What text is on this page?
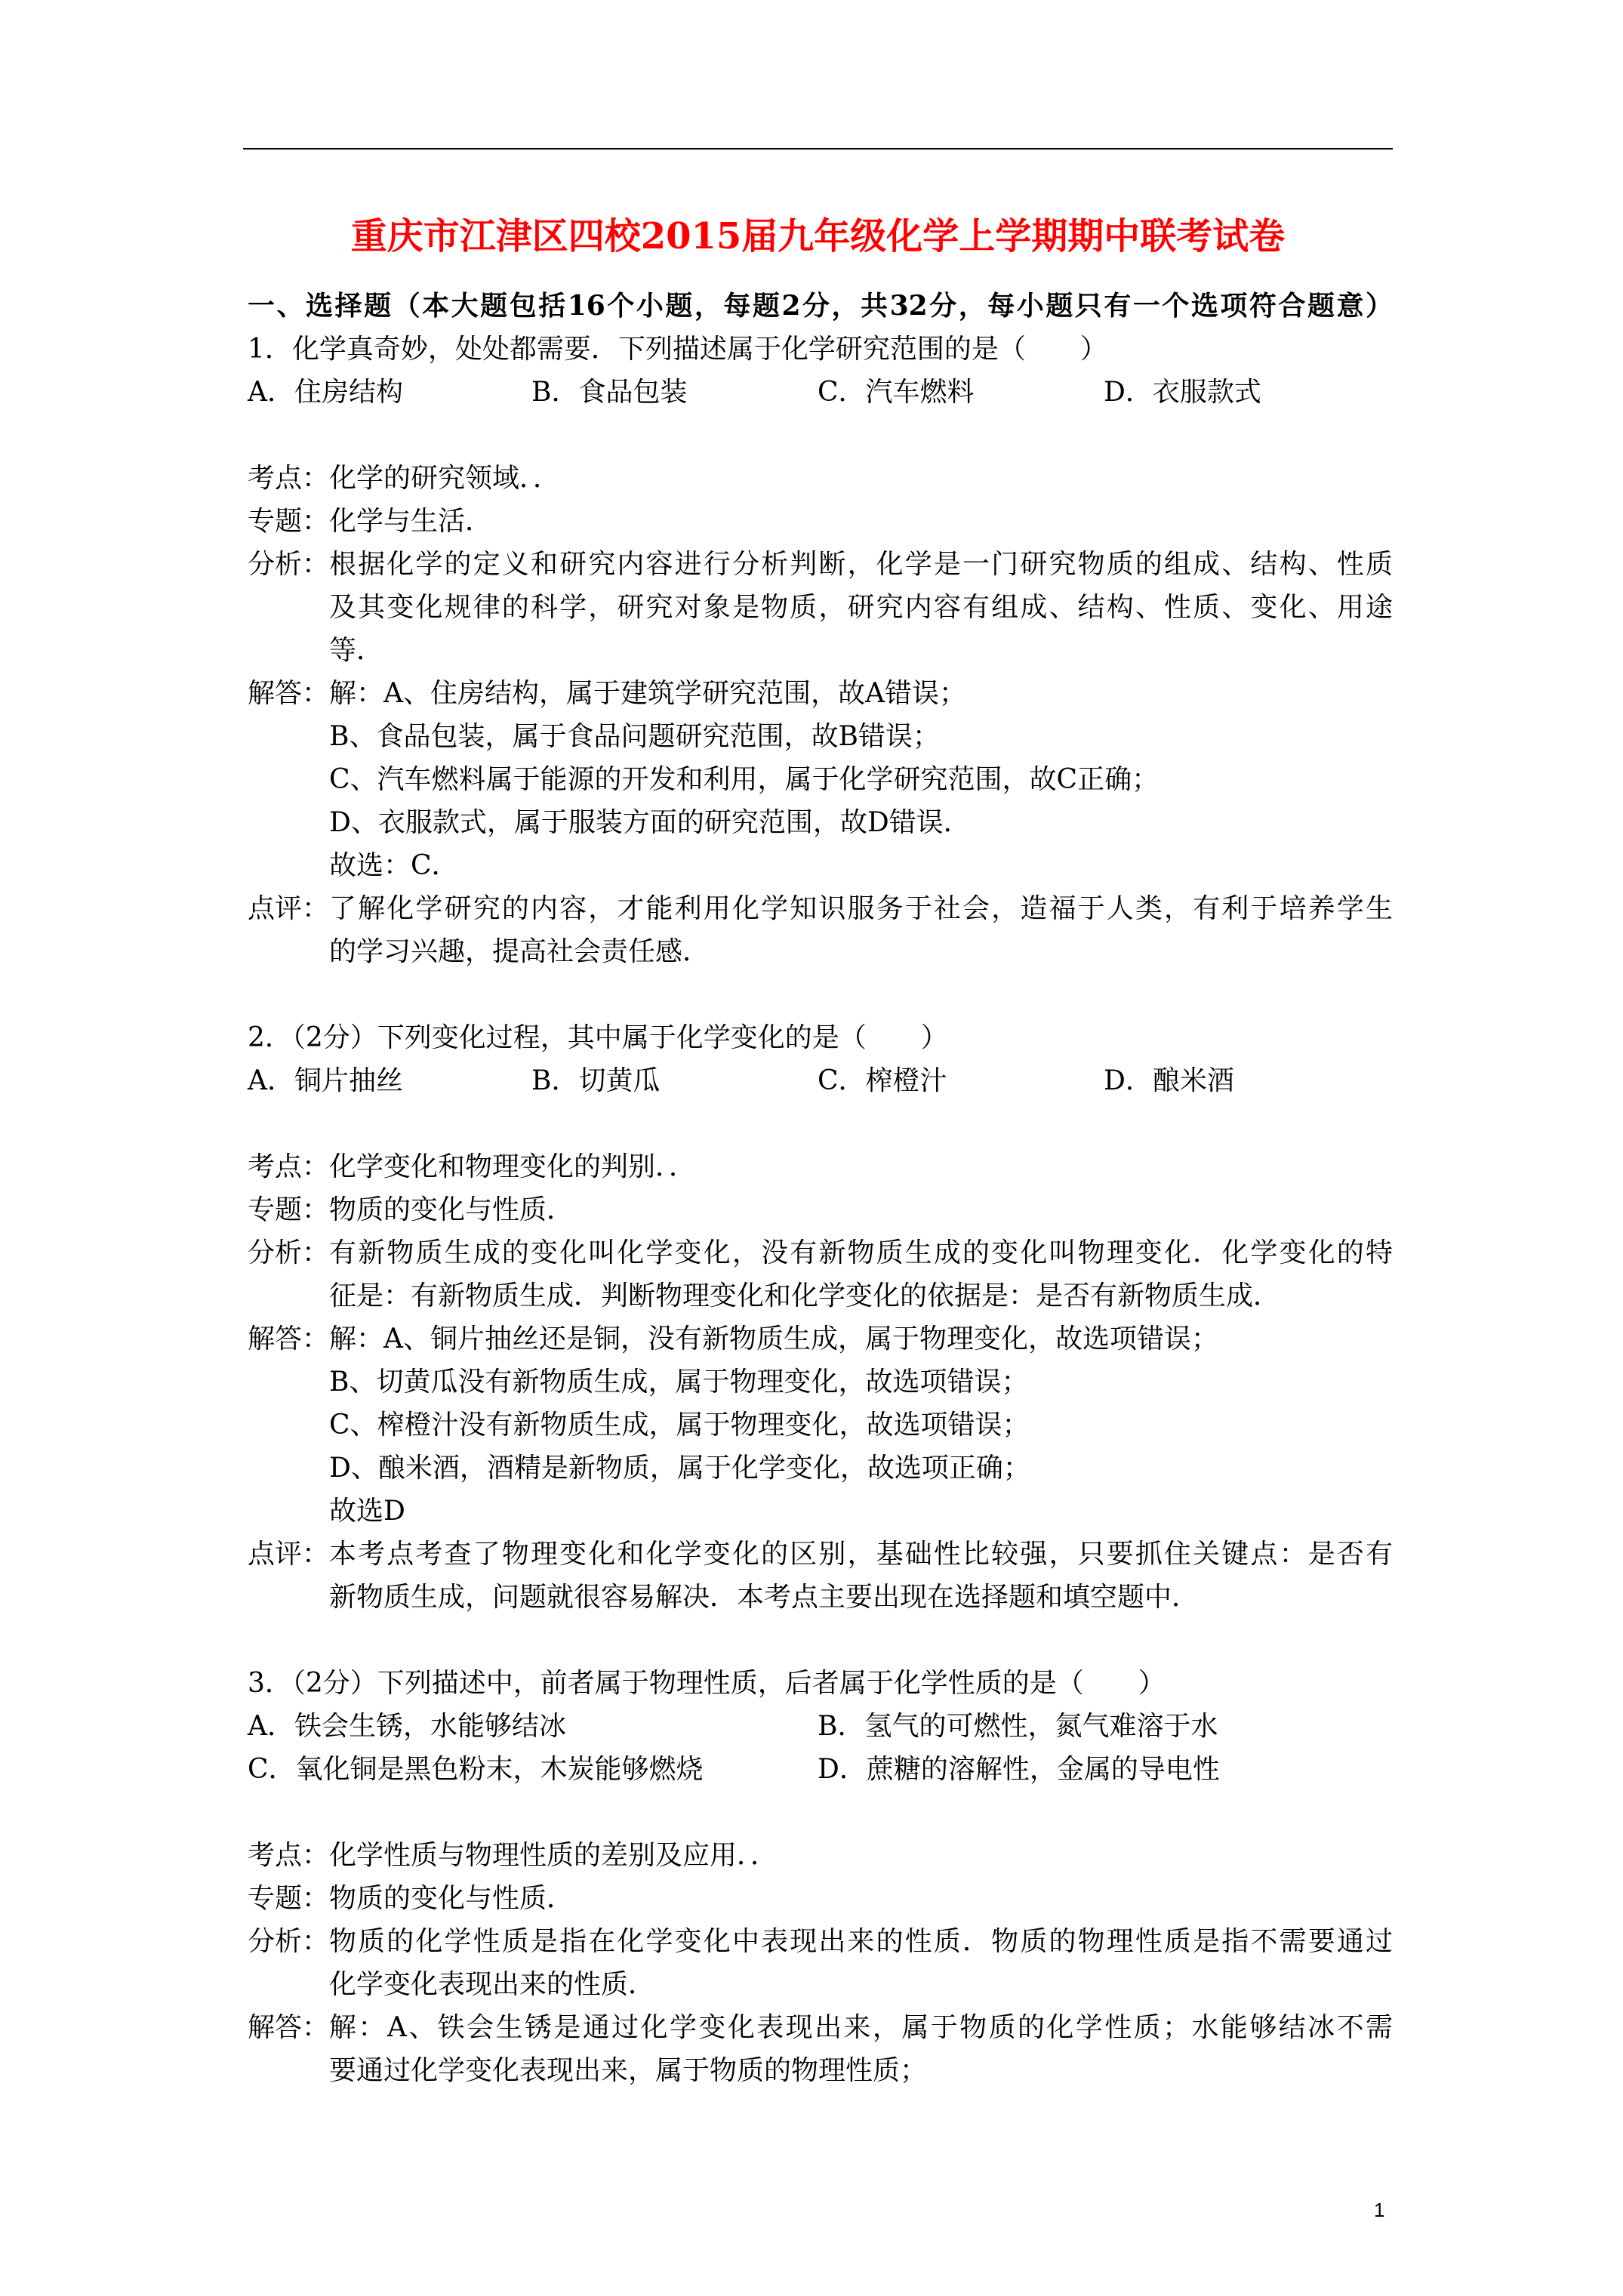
重庆市江津区四校2015届九年级化学上学期期中联考试卷
一、选择题（本大题包括16个小题，每题2分，共32分，每小题只有一个选项符合题意）
1．化学真奇妙，处处都需要．下列描述属于化学研究范围的是（　　）
A．住房结构	B．食品包装	C．汽车燃料	D．衣服款式
考点： 化学的研究领域．．
专题： 化学与生活．
分析： 根据化学的定义和研究内容进行分析判断，化学是一门研究物质的组成、结构、性质
及其变化规律的科学，研究对象是物质，研究内容有组成、结构、性质、变化、用途
等．
解答： 解：A、住房结构，属于建筑学研究范围，故A错误；
B、食品包装，属于食品问题研究范围，故B错误；
C、汽车燃料属于能源的开发和利用，属于化学研究范围，故C正确；
D、衣服款式，属于服装方面的研究范围，故D错误．
故选：C．
点评： 了解化学研究的内容，才能利用化学知识服务于社会，造福于人类，有利于培养学生
的学习兴趣，提高社会责任感．
2．（2分）下列变化过程，其中属于化学变化的是（　　）
A．铜片抽丝	B．切黄瓜	C．榨橙汁	D．酿米酒
考点： 化学变化和物理变化的判别．．
专题： 物质的变化与性质．
分析： 有新物质生成的变化叫化学变化，没有新物质生成的变化叫物理变化．化学变化的特
征是：有新物质生成．判断物理变化和化学变化的依据是：是否有新物质生成．
解答： 解：A、铜片抽丝还是铜，没有新物质生成，属于物理变化，故选项错误；
B、切黄瓜没有新物质生成，属于物理变化，故选项错误；
C、榨橙汁没有新物质生成，属于物理变化，故选项错误；
D、酿米酒，酒精是新物质，属于化学变化，故选项正确；
故选D
点评： 本考点考查了物理变化和化学变化的区别，基础性比较强，只要抓住关键点：是否有
新物质生成，问题就很容易解决．本考点主要出现在选择题和填空题中．
3．（2分）下列描述中，前者属于物理性质，后者属于化学性质的是（　　）
A．铁会生锈，水能够结冰	B．氢气的可燃性，氮气难溶于水
C．氧化铜是黑色粉末，木炭能够燃烧	D．蔗糖的溶解性，金属的导电性
考点： 化学性质与物理性质的差别及应用．．
专题： 物质的变化与性质．
分析： 物质的化学性质是指在化学变化中表现出来的性质．物质的物理性质是指不需要通过
化学变化表现出来的性质．
解答： 解：A、铁会生锈是通过化学变化表现出来，属于物质的化学性质；水能够结冰不需
要通过化学变化表现出来，属于物质的物理性质；
1
